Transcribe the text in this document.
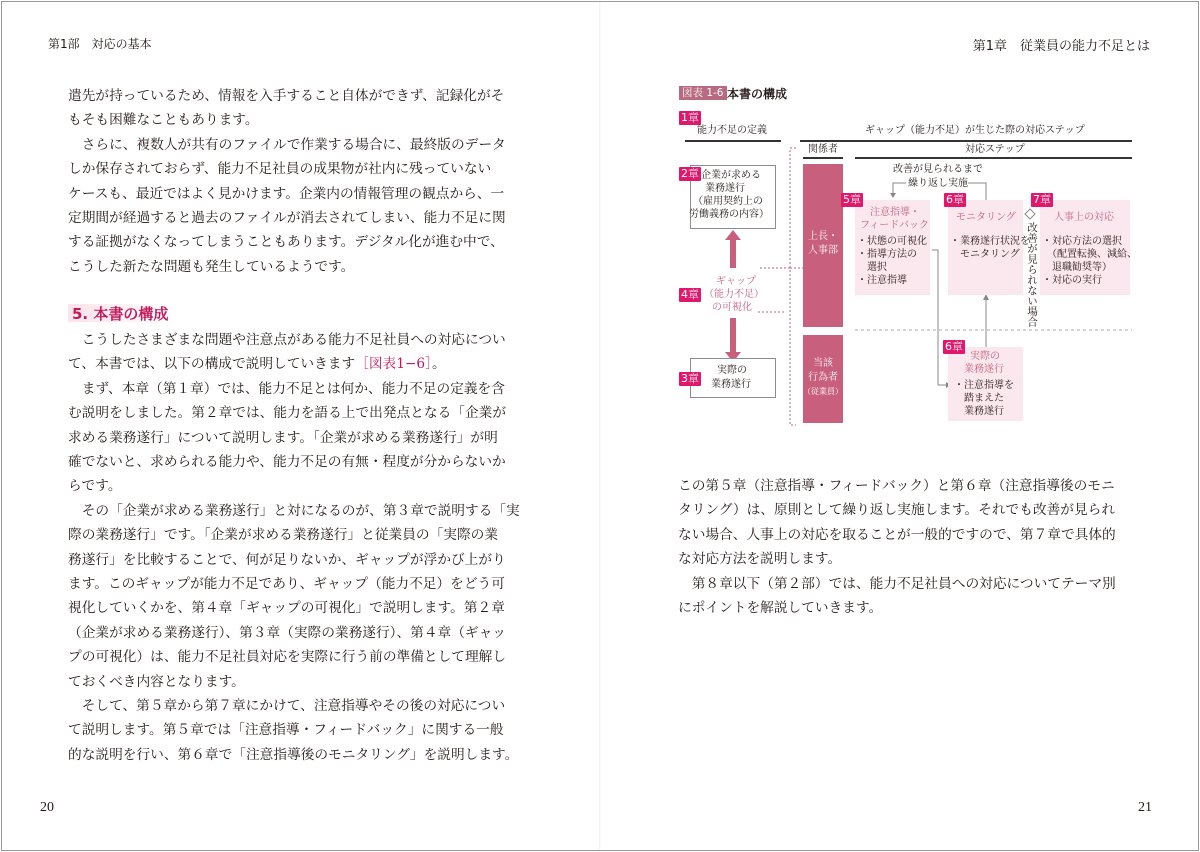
第1部　対応の基本	第1章　従業員の能力不足とは
20	21
遣先が持っているため、情報を入手すること自体ができず、記録化がそ
もそも困難なこともあります。
　さらに、複数人が共有のファイルで作業する場合に、最終版のデータ
しか保存されておらず、能力不足社員の成果物が社内に残っていない
ケースも、最近ではよく見かけます。企業内の情報管理の観点から、一
定期間が経過すると過去のファイルが消去されてしまい、能力不足に関
する証拠がなくなってしまうこともあります。デジタル化が進む中で、
こうした新たな問題も発生しているようです。
5. 本書の構成
　こうしたさまざまな問題や注意点がある能力不足社員への対応につい
て、本書では、以下の構成で説明していきます［図表1−6］。
　まず、本章（第１章）では、能力不足とは何か、能力不足の定義を含
む説明をしました。第２章では、能力を語る上で出発点となる「企業が
求める業務遂行」について説明します。「企業が求める業務遂行」が明
確でないと、求められる能力や、能力不足の有無・程度が分からないか
らです。
　その「企業が求める業務遂行」と対になるのが、第３章で説明する「実
際の業務遂行」です。「企業が求める業務遂行」と従業員の「実際の業
務遂行」を比較することで、何が足りないか、ギャップが浮かび上がり
ます。このギャップが能力不足であり、ギャップ（能力不足）をどう可
視化していくかを、第４章「ギャップの可視化」で説明します。第２章
（企業が求める業務遂行）、第３章（実際の業務遂行）、第４章（ギャッ
プの可視化）は、能力不足社員対応を実際に行う前の準備として理解し
ておくべき内容となります。
　そして、第５章から第７章にかけて、注意指導やその後の対応につい
て説明します。第５章では「注意指導・フィードバック」に関する一般
的な説明を行い、第６章で「注意指導後のモニタリング」を説明します。
この第５章（注意指導・フィードバック）と第６章（注意指導後のモニ
タリング）は、原則として繰り返し実施します。それでも改善が見られ
ない場合、人事上の対応を取ることが一般的ですので、第７章で具体的
な対応方法を説明します。
　第８章以下（第２部）では、能力不足社員への対応についてテーマ別
にポイントを解説していきます。
図表 1-6 本書の構成
1章
能力不足の定義	ギャップ（能力不足）が生じた際の対応ステップ
関係者	対応ステップ
企業が求める
業務遂行
（雇用契約上の
労働義務の内容）
2章
ギャップ
（能力不足）
の可視化
4章
実際の
業務遂行
3章
上長・
人事部
当該
行為者
（従業員）
改善が見られるまで
繰り返し実施
注意指導・
フィードバック
・状態の可視化
・指導方法の
　選択
・注意指導
5章
モニタリング
・業務遂行状況を
　モニタリング
6章
改善が見られない場合
人事上の対応
・対応方法の選択
　（配置転換、減給、
　退職勧奨等）
・対応の実行
7章
実際の
業務遂行
・注意指導を
　踏まえた
　業務遂行
6章
